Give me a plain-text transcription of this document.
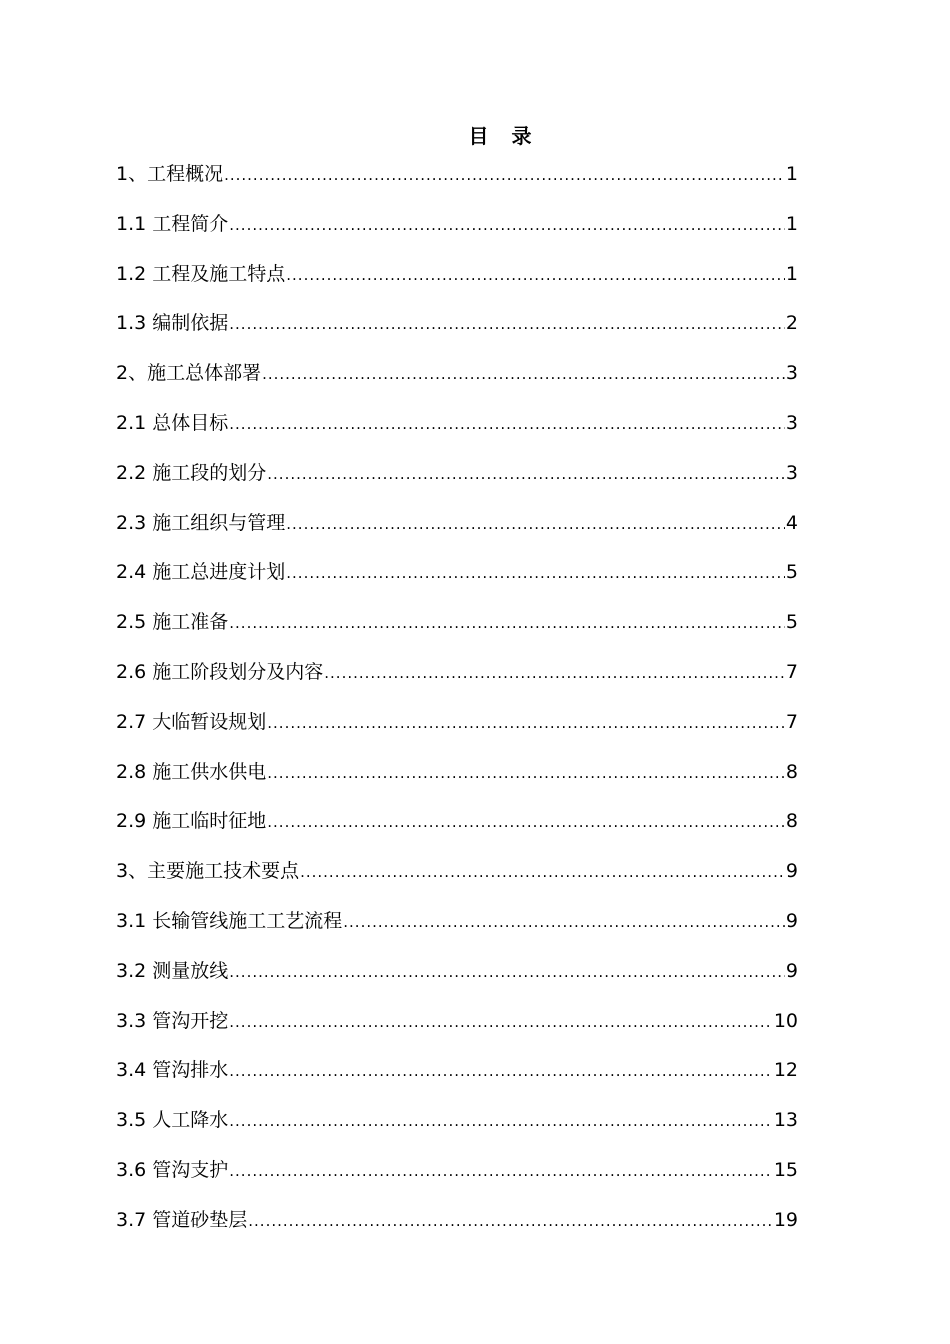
目 录
1、工程概况 .....	1
1.1 工程简介 .....	1
1.2 工程及施工特点 .....	1
1.3 编制依据 .....	2
2、施工总体部署 .....	3
2.1 总体目标 .....	3
2.2 施工段的划分 .....	3
2.3 施工组织与管理 .....	4
2.4 施工总进度计划 .....	5
2.5 施工准备 .....	5
2.6 施工阶段划分及内容 .....	7
2.7 大临暂设规划 .....	7
2.8 施工供水供电 .....	8
2.9 施工临时征地 .....	8
3、主要施工技术要点 .....	9
3.1 长输管线施工工艺流程 .....	9
3.2 测量放线 .....	9
3.3 管沟开挖 .....	10
3.4 管沟排水 .....	12
3.5 人工降水 .....	13
3.6 管沟支护 .....	15
3.7 管道砂垫层 .....	19
